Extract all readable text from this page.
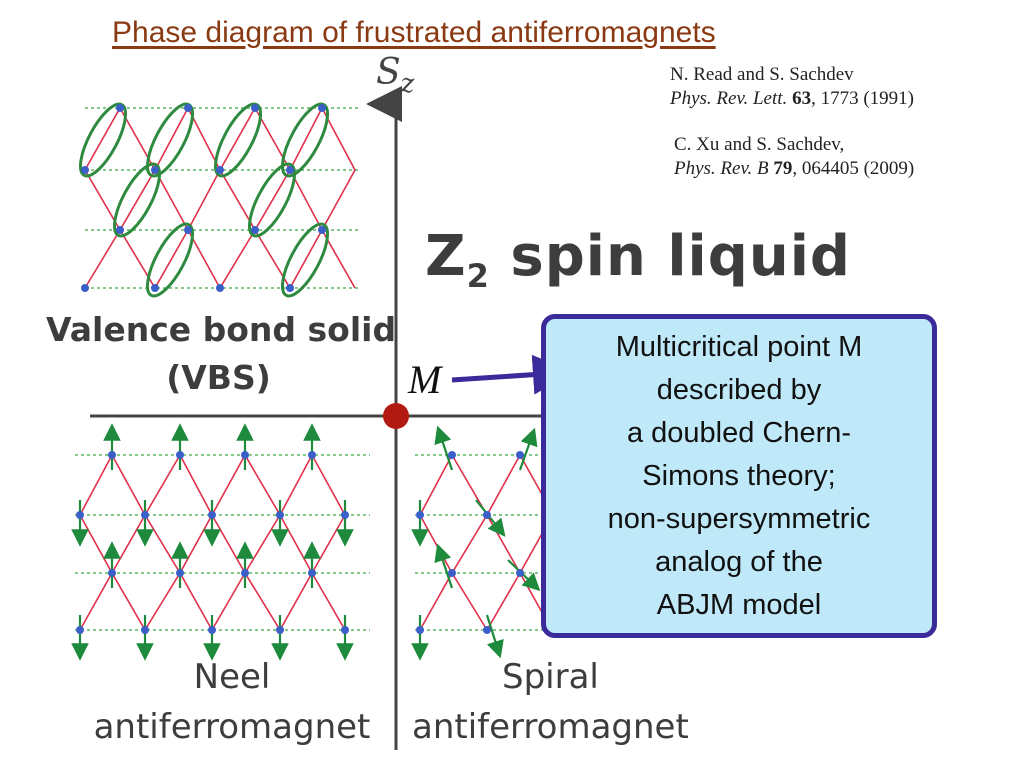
Phase diagram of frustrated antiferromagnets
N. Read and S. Sachdev
Phys. Rev. Lett. 63, 1773 (1991)
C. Xu and S. Sachdev,
Phys. Rev. B 79, 064405 (2009)
$S_z$
$Z_2$ spin liquid
Valence bond solid
(VBS)
Neel
antiferromagnet
Spiral
antiferromagnet
M
Multicritical point M
described by
a doubled Chern-
Simons theory;
non-supersymmetric
analog of the
ABJM model
